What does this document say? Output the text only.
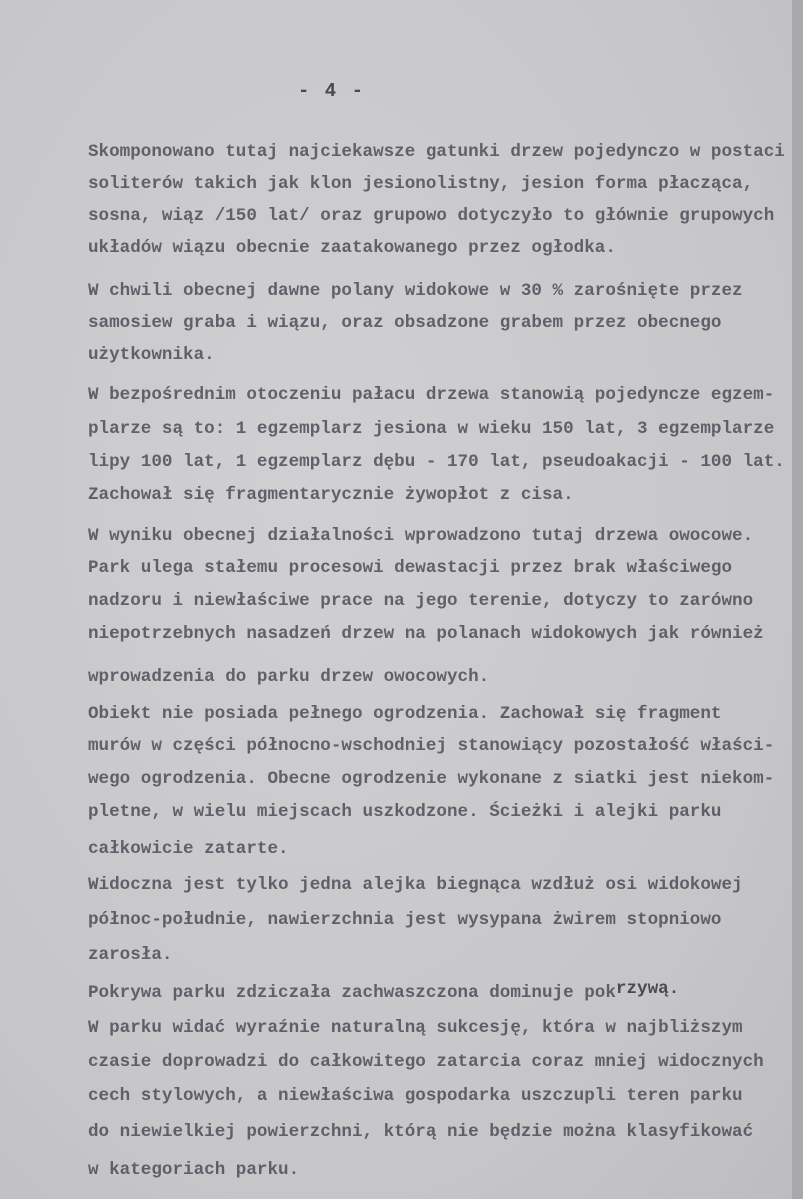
- 4 -
Skomponowano tutaj najciekawsze gatunki drzew pojedynczo w postaci
soliterów takich jak klon jesionolistny, jesion forma płacząca,
sosna, wiąz /150 lat/ oraz grupowo dotyczyło to głównie grupowych
układów wiązu obecnie zaatakowanego przez ogłodka.
W chwili obecnej dawne polany widokowe w 30 % zarośnięte przez
samosiew graba i wiązu, oraz obsadzone grabem przez obecnego
użytkownika.
W bezpośrednim otoczeniu pałacu drzewa stanowią pojedyncze egzem-
plarze są to: 1 egzemplarz jesiona w wieku 150 lat, 3 egzemplarze
lipy 100 lat, 1 egzemplarz dębu - 170 lat, pseudoakacji - 100 lat.
Zachował się fragmentarycznie żywopłot z cisa.
W wyniku obecnej działalności wprowadzono tutaj drzewa owocowe.
Park ulega stałemu procesowi dewastacji przez brak właściwego
nadzoru i niewłaściwe prace na jego terenie, dotyczy to zarówno
niepotrzebnych nasadzeń drzew na polanach widokowych jak również
wprowadzenia do parku drzew owocowych.
Obiekt nie posiada pełnego ogrodzenia. Zachował się fragment
murów w części północno-wschodniej stanowiący pozostałość właści-
wego ogrodzenia. Obecne ogrodzenie wykonane z siatki jest niekom-
pletne, w wielu miejscach uszkodzone. Ścieżki i alejki parku
całkowicie zatarte.
Widoczna jest tylko jedna alejka biegnąca wzdłuż osi widokowej
północ-południe, nawierzchnia jest wysypana żwirem stopniowo
zarosła.
Pokrywa parku zdziczała zachwaszczona dominuje pokrzywą.
W parku widać wyraźnie naturalną sukcesję, która w najbliższym
czasie doprowadzi do całkowitego zatarcia coraz mniej widocznych
cech stylowych, a niewłaściwa gospodarka uszczupli teren parku
do niewielkiej powierzchni, którą nie będzie można klasyfikować
w kategoriach parku.
